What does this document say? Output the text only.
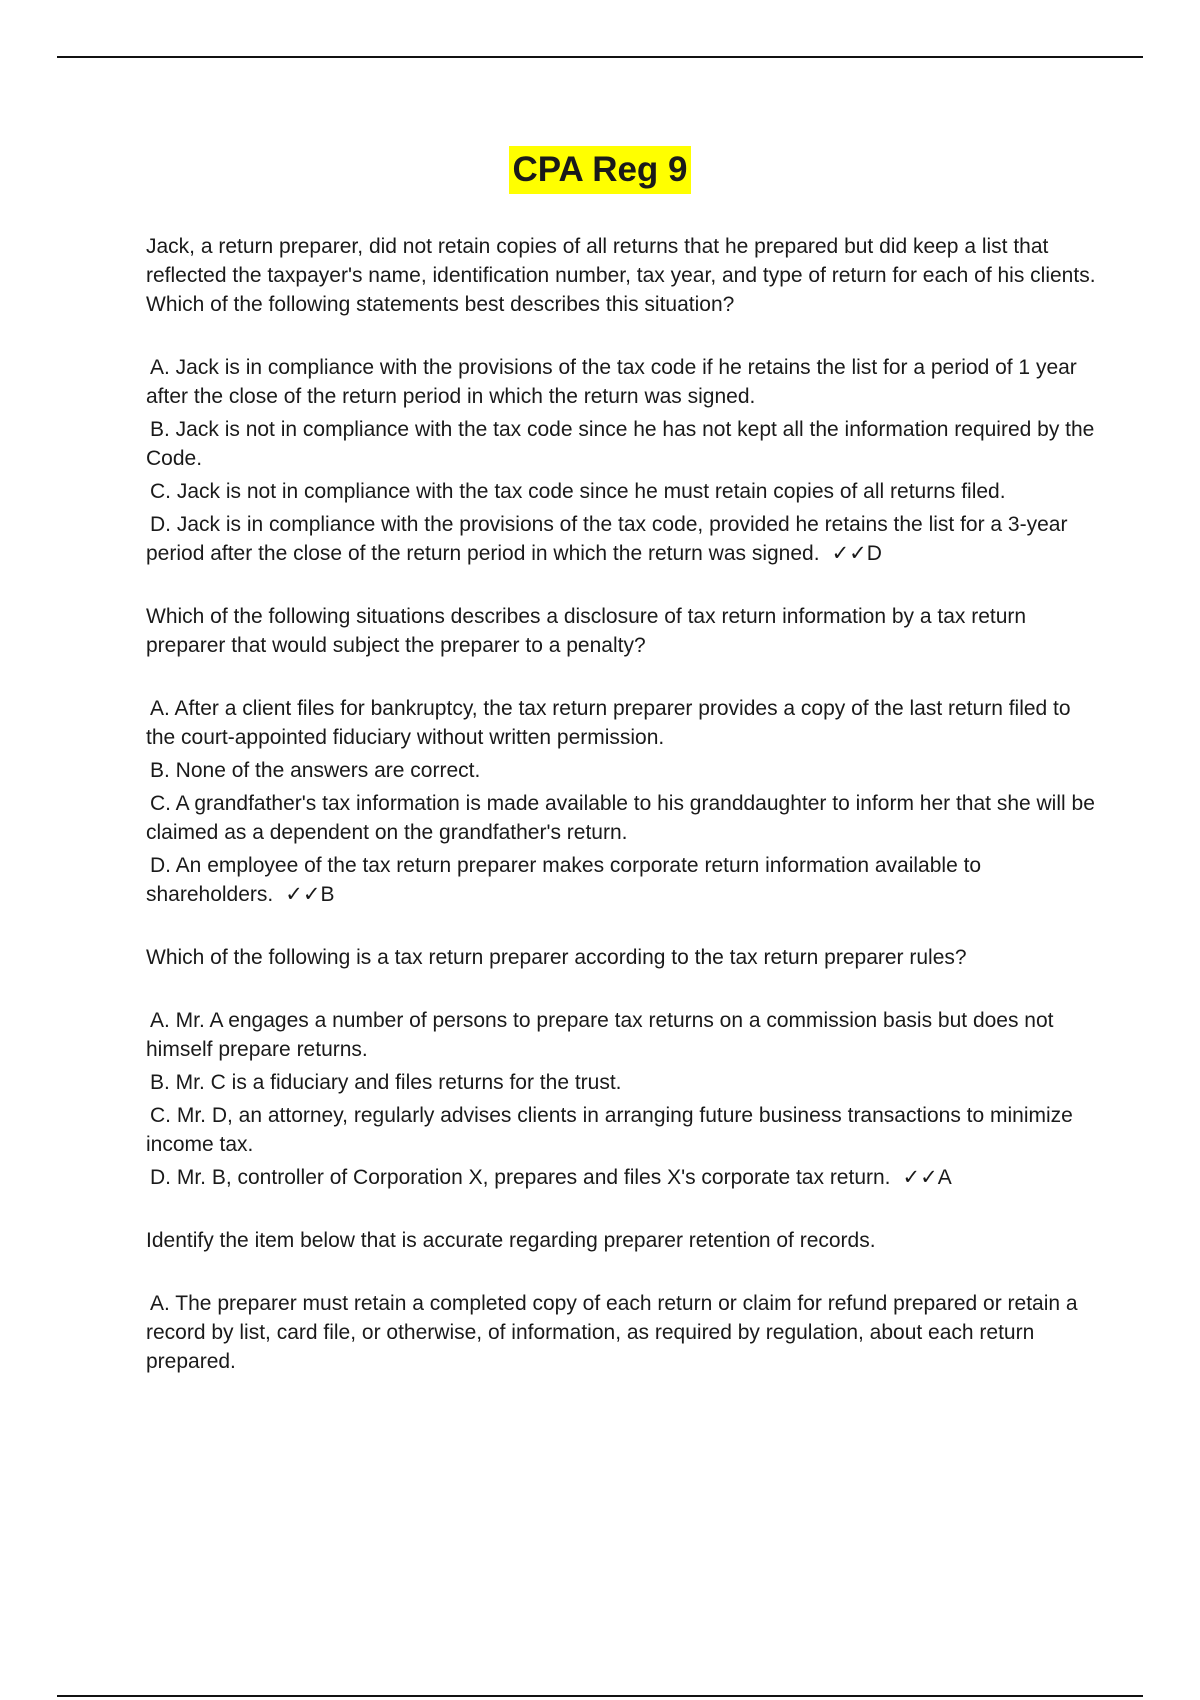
CPA Reg 9

Jack, a return preparer, did not retain copies of all returns that he prepared but did keep a list that reflected the taxpayer's name, identification number, tax year, and type of return for each of his clients. Which of the following statements best describes this situation?

A. Jack is in compliance with the provisions of the tax code if he retains the list for a period of 1 year after the close of the return period in which the return was signed.

B. Jack is not in compliance with the tax code since he has not kept all the information required by the Code.

C. Jack is not in compliance with the tax code since he must retain copies of all returns filed.

D. Jack is in compliance with the provisions of the tax code, provided he retains the list for a 3-year period after the close of the return period in which the return was signed. ✓✓D

Which of the following situations describes a disclosure of tax return information by a tax return preparer that would subject the preparer to a penalty?

A. After a client files for bankruptcy, the tax return preparer provides a copy of the last return filed to the court-appointed fiduciary without written permission.

B. None of the answers are correct.

C. A grandfather's tax information is made available to his granddaughter to inform her that she will be claimed as a dependent on the grandfather's return.

D. An employee of the tax return preparer makes corporate return information available to shareholders. ✓✓B

Which of the following is a tax return preparer according to the tax return preparer rules?

A. Mr. A engages a number of persons to prepare tax returns on a commission basis but does not himself prepare returns.

B. Mr. C is a fiduciary and files returns for the trust.

C. Mr. D, an attorney, regularly advises clients in arranging future business transactions to minimize income tax.

D. Mr. B, controller of Corporation X, prepares and files X's corporate tax return. ✓✓A

Identify the item below that is accurate regarding preparer retention of records.

A. The preparer must retain a completed copy of each return or claim for refund prepared or retain a record by list, card file, or otherwise, of information, as required by regulation, about each return prepared.
